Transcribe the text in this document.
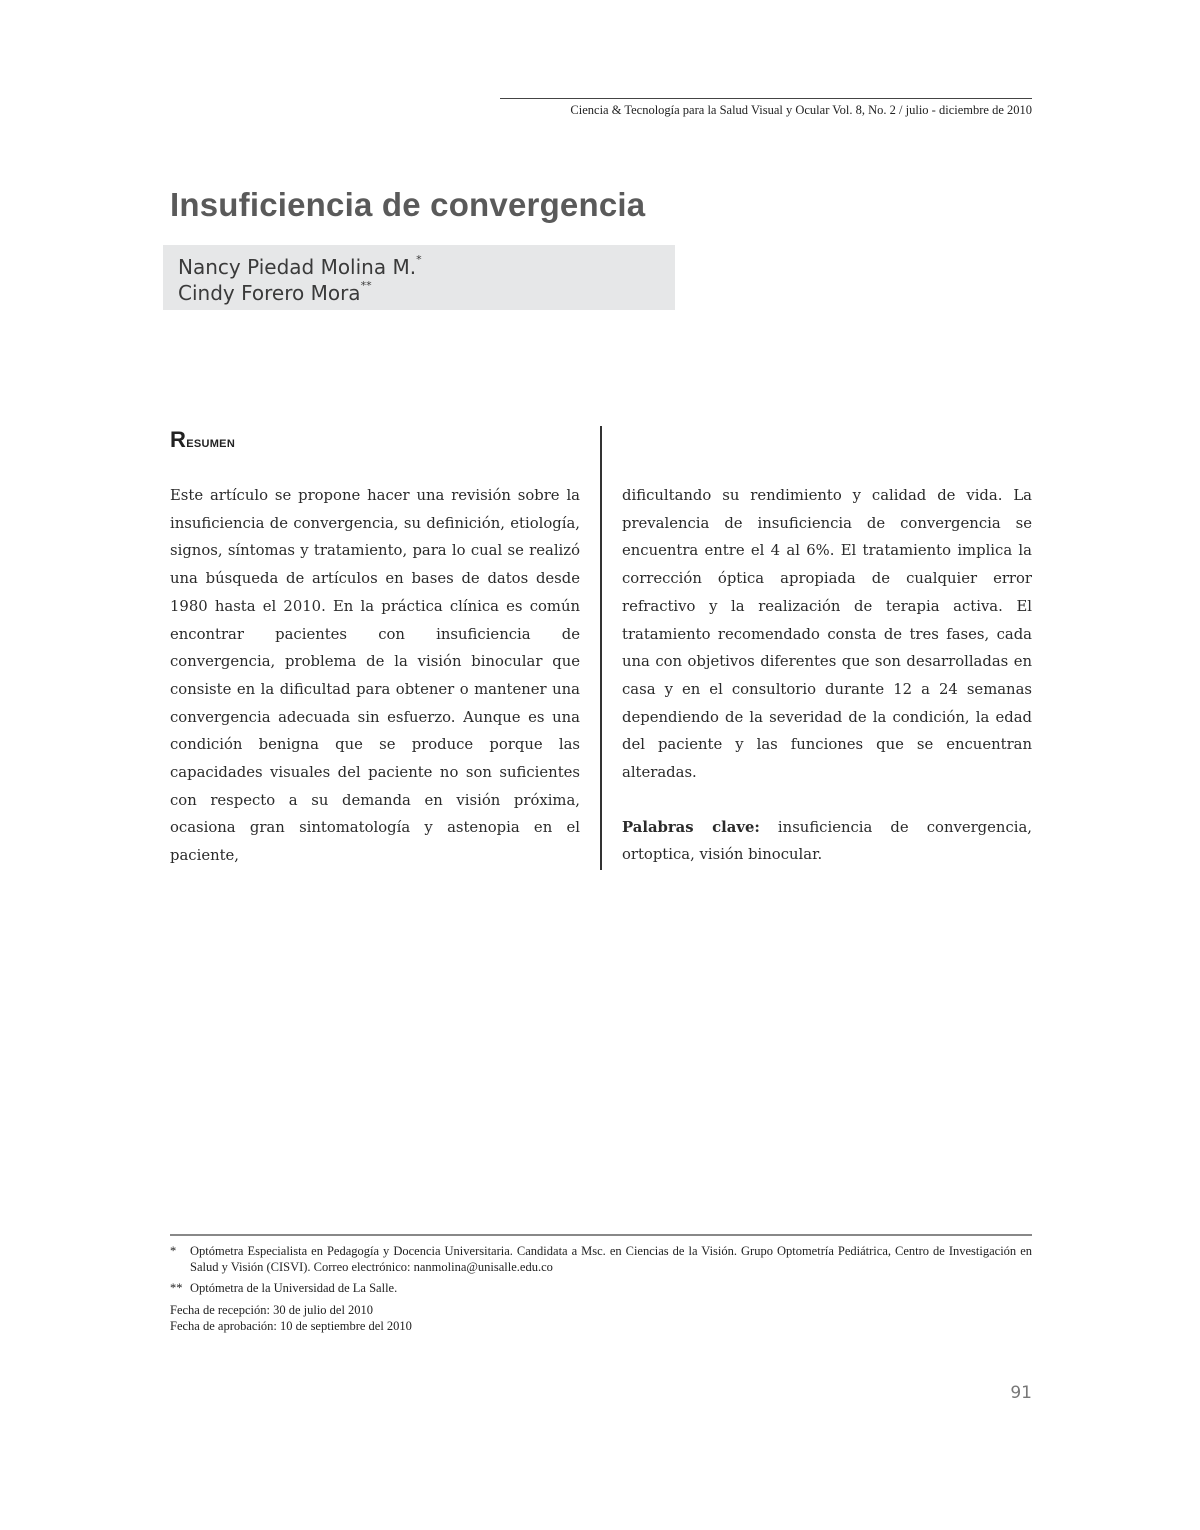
Ciencia & Tecnología para la Salud Visual y Ocular Vol. 8, No. 2 / julio - diciembre de 2010
Insuficiencia de convergencia
Nancy Piedad Molina M.*
Cindy Forero Mora**
Resumen

Este artículo se propone hacer una revisión sobre la insuficiencia de convergencia, su definición, etiología, signos, síntomas y tratamiento, para lo cual se realizó una búsqueda de artículos en bases de datos desde 1980 hasta el 2010. En la práctica clínica es común encontrar pacientes con insuficiencia de convergencia, problema de la visión binocular que consiste en la dificultad para obtener o mantener una convergencia adecuada sin esfuerzo. Aunque es una condición benigna que se produce porque las capacidades visuales del paciente no son suficientes con respecto a su demanda en visión próxima, ocasiona gran sintomatología y astenopia en el paciente,

dificultando su rendimiento y calidad de vida. La prevalencia de insuficiencia de convergencia se encuentra entre el 4 al 6%. El tratamiento implica la corrección óptica apropiada de cualquier error refractivo y la realización de terapia activa. El tratamiento recomendado consta de tres fases, cada una con objetivos diferentes que son desarrolladas en casa y en el consultorio durante 12 a 24 semanas dependiendo de la severidad de la condición, la edad del paciente y las funciones que se encuentran alteradas.

Palabras clave: insuficiencia de convergencia, ortoptica, visión binocular.

* Optómetra Especialista en Pedagogía y Docencia Universitaria. Candidata a Msc. en Ciencias de la Visión. Grupo Optometría Pediátrica, Centro de Investigación en Salud y Visión (CISVI). Correo electrónico: nanmolina@unisalle.edu.co
** Optómetra de la Universidad de La Salle.
Fecha de recepción: 30 de julio del 2010
Fecha de aprobación: 10 de septiembre del 2010
91
